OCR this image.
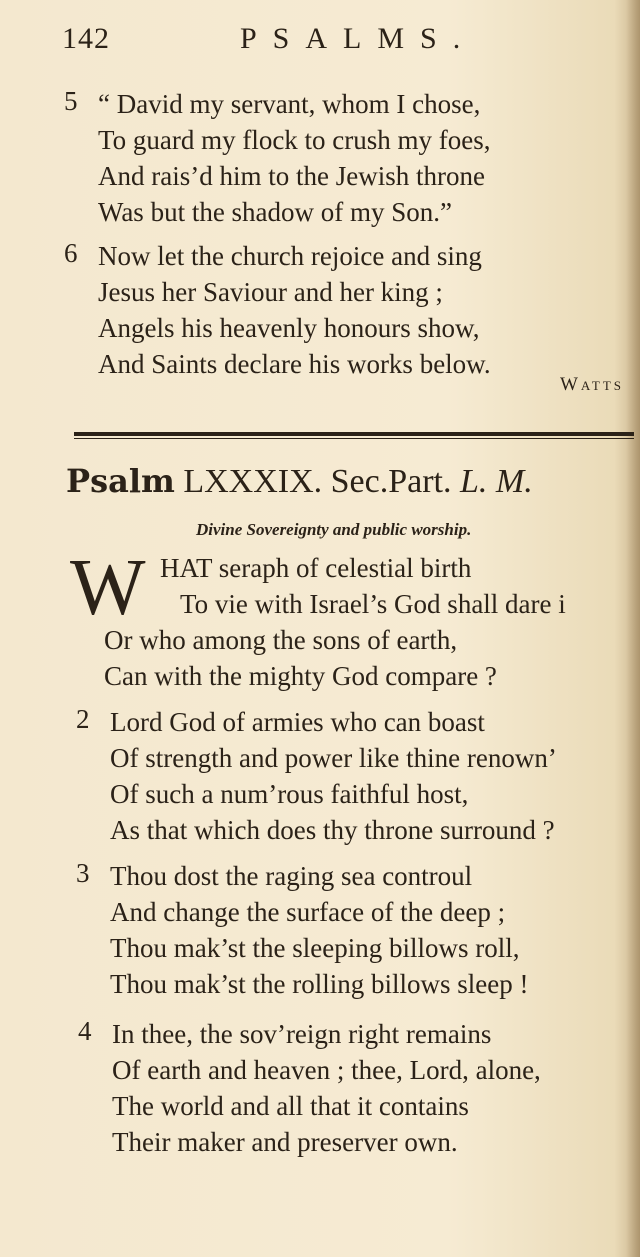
142	PSALMS.
5 “ David my servant, whom I chose,
To guard my flock to crush my foes,
And rais’d him to the Jewish throne
Was but the shadow of my Son.”
6 Now let the church rejoice and sing
Jesus her Saviour and her king ;
Angels his heavenly honours show,
And Saints declare his works below.
Watts
Psalm LXXXIX. Sec.Part. L. M.
Divine Sovereignty and public worship.
W HAT seraph of celestial birth
To vie with Israel’s God shall dare i
Or who among the sons of earth,
Can with the mighty God compare ?
2 Lord God of armies who can boast
Of strength and power like thine renown’
Of such a num’rous faithful host,
As that which does thy throne surround ?
3 Thou dost the raging sea controul
And change the surface of the deep ;
Thou mak’st the sleeping billows roll,
Thou mak’st the rolling billows sleep !
4 In thee, the sov’reign right remains
Of earth and heaven ; thee, Lord, alone,
The world and all that it contains
Their maker and preserver own.
